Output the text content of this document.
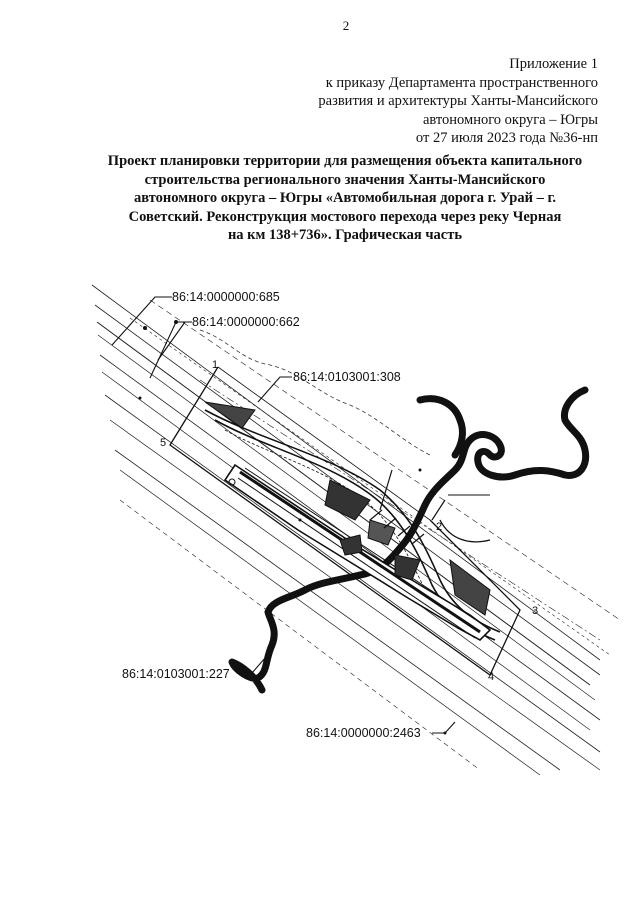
2
Приложение 1
к приказу Департамента пространственного
развития и архитектуры Ханты-Мансийского
автономного округа – Югры
от 27 июля 2023 года №36-нп
Проект планировки территории для размещения объекта капитального
строительства регионального значения Ханты-Мансийского
автономного округа – Югры «Автомобильная дорога г. Урай – г.
Советский. Реконструкция мостового перехода через реку Черная
на км 138+736». Графическая часть
86:14:0000000:685
86:14:0000000:662
86:14:0103001:308
86:14:0103001:227
86:14:0000000:2463
1
2
3
4
5
